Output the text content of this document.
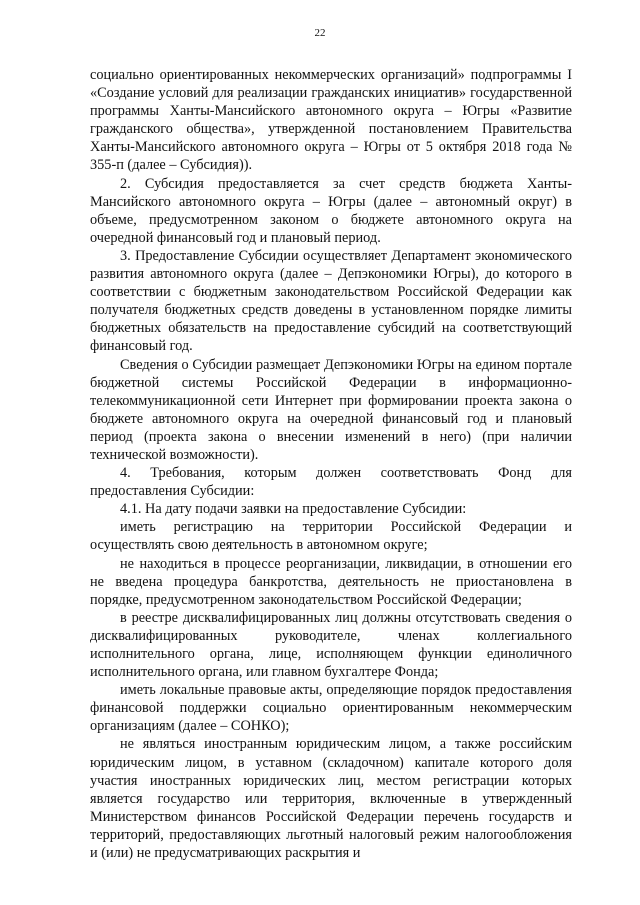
22

социально ориентированных некоммерческих организаций» подпрограммы I «Создание условий для реализации гражданских инициатив» государственной программы Ханты-Мансийского автономного округа – Югры «Развитие гражданского общества», утвержденной постановлением Правительства Ханты-Мансийского автономного округа – Югры от 5 октября 2018 года № 355-п (далее – Субсидия)).

2. Субсидия предоставляется за счет средств бюджета Ханты-Мансийского автономного округа – Югры (далее – автономный округ) в объеме, предусмотренном законом о бюджете автономного округа на очередной финансовый год и плановый период.

3. Предоставление Субсидии осуществляет Департамент экономического развития автономного округа (далее – Депэкономики Югры), до которого в соответствии с бюджетным законодательством Российской Федерации как получателя бюджетных средств доведены в установленном порядке лимиты бюджетных обязательств на предоставление субсидий на соответствующий финансовый год.

Сведения о Субсидии размещает Депэкономики Югры на едином портале бюджетной системы Российской Федерации в информационно-телекоммуникационной сети Интернет при формировании проекта закона о бюджете автономного округа на очередной финансовый год и плановый период (проекта закона о внесении изменений в него) (при наличии технической возможности).

4. Требования, которым должен соответствовать Фонд для предоставления Субсидии:

4.1. На дату подачи заявки на предоставление Субсидии:

иметь регистрацию на территории Российской Федерации и осуществлять свою деятельность в автономном округе;

не находиться в процессе реорганизации, ликвидации, в отношении его не введена процедура банкротства, деятельность не приостановлена в порядке, предусмотренном законодательством Российской Федерации;

в реестре дисквалифицированных лиц должны отсутствовать сведения о дисквалифицированных руководителе, членах коллегиального исполнительного органа, лице, исполняющем функции единоличного исполнительного органа, или главном бухгалтере Фонда;

иметь локальные правовые акты, определяющие порядок предоставления финансовой поддержки социально ориентированным некоммерческим организациям (далее – СОНКО);

не являться иностранным юридическим лицом, а также российским юридическим лицом, в уставном (складочном) капитале которого доля участия иностранных юридических лиц, местом регистрации которых является государство или территория, включенные в утвержденный Министерством финансов Российской Федерации перечень государств и территорий, предоставляющих льготный налоговый режим налогообложения и (или) не предусматривающих раскрытия и
